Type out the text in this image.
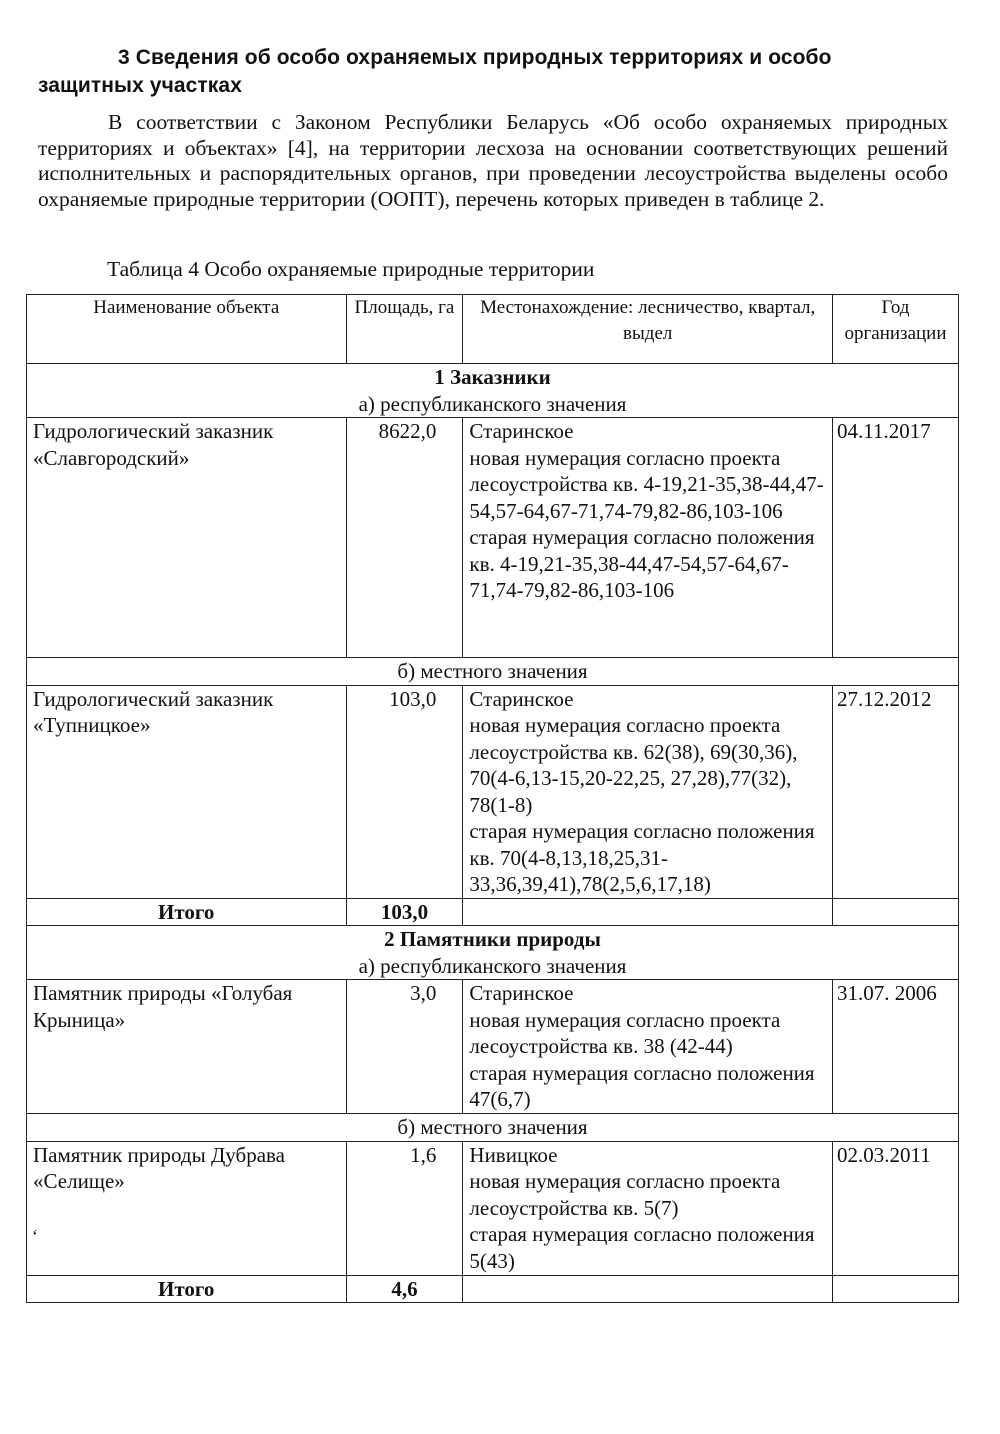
3 Сведения об особо охраняемых природных территориях и особо защитных участках
В соответствии с Законом Республики Беларусь «Об особо охраняемых природных территориях и объектах» [4], на территории лесхоза на основании соответствующих решений исполнительных и распорядительных органов, при проведении лесоустройства выделены особо охраняемые природные территории (ООПТ), перечень которых приведен в таблице 2.
Таблица 4 Особо охраняемые природные территории
Наименование объекта	Площадь, га	Местонахождение: лесничество, квартал, выдел	Год организации

1 Заказники
а) республиканского значения			
Гидрологический заказник «Славгородский»	8622,0	Старинское
новая нумерация согласно проекта лесоустройства кв. 4-19,21-35,38-44,47-54,57-64,67-71,74-79,82-86,103-106
старая нумерация согласно положения кв. 4-19,21-35,38-44,47-54,57-64,67-71,74-79,82-86,103-106	04.11.2017
б) местного значения			
Гидрологический заказник «Тупницкое»	103,0	Старинское
новая нумерация согласно проекта лесоустройства кв. 62(38), 69(30,36), 70(4-6,13-15,20-22,25, 27,28),77(32), 78(1-8)
старая нумерация согласно положения кв. 70(4-8,13,18,25,31-33,36,39,41),78(2,5,6,17,18)	27.12.2012
Итого	103,0		

2 Памятники природы
а) республиканского значения			
Памятник природы «Голубая Крыница»	3,0	Старинское
новая нумерация согласно проекта лесоустройства кв. 38 (42-44)
старая нумерация согласно положения 47(6,7)	31.07. 2006
б) местного значения			
Памятник природы Дубрава «Селище»	1,6	Нивицкое
новая нумерация согласно проекта лесоустройства кв. 5(7)
старая нумерация согласно положения 5(43)	02.03.2011
Итого	4,6		
‘
